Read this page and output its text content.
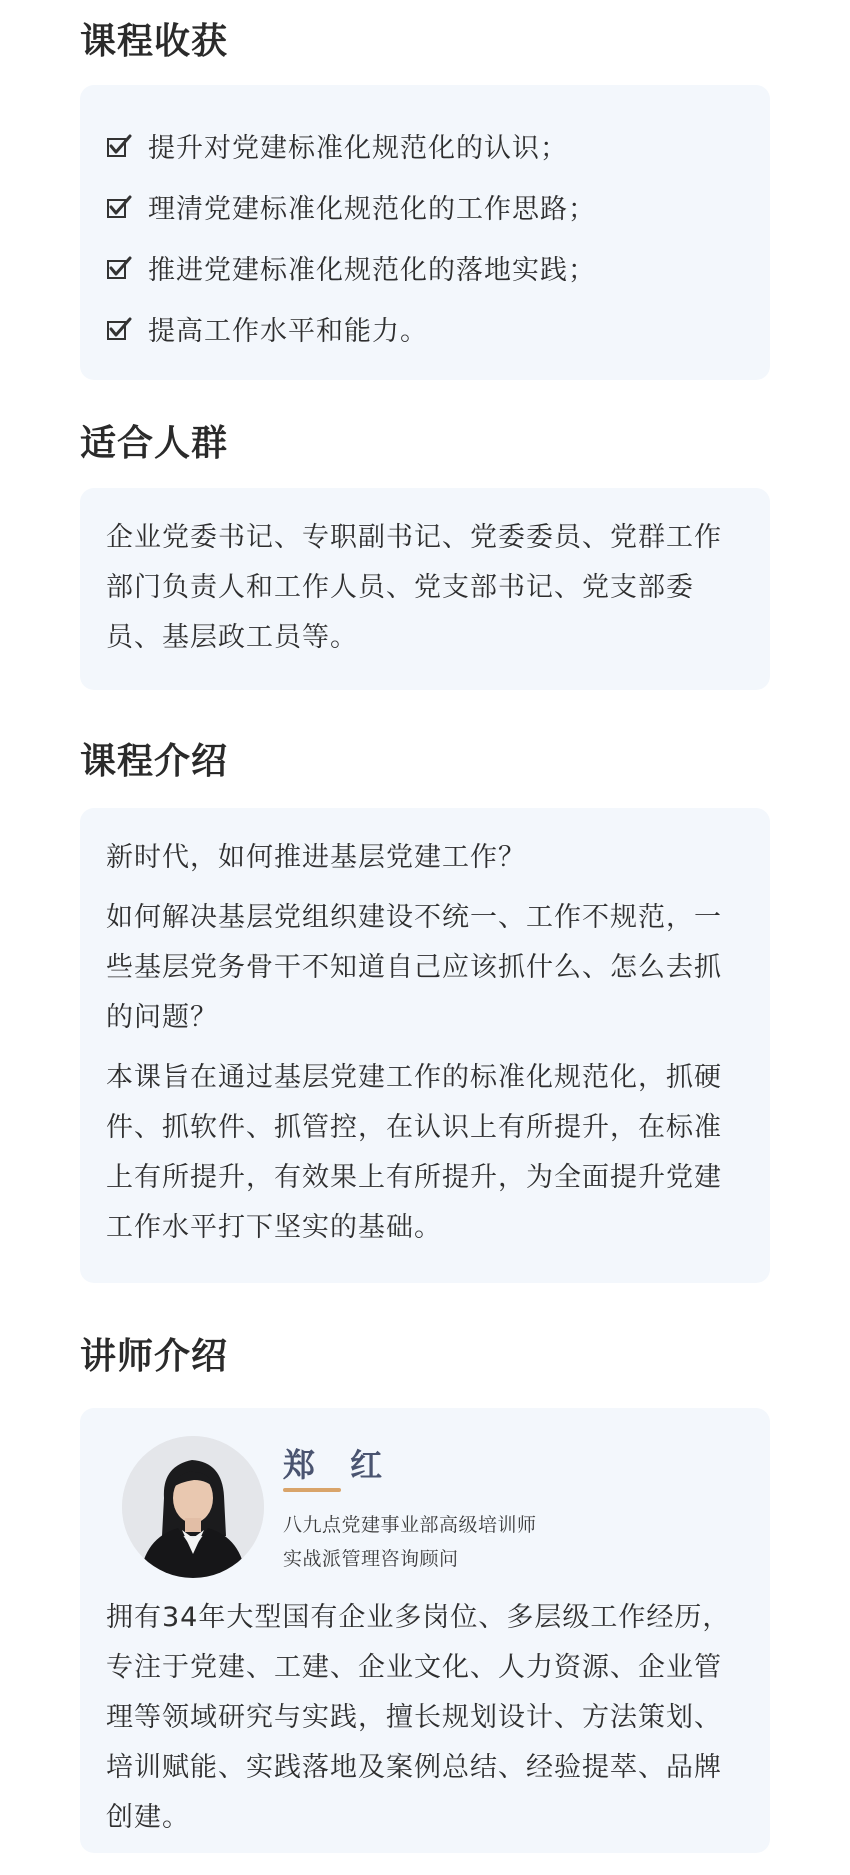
课程收获
提升对党建标准化规范化的认识；
理清党建标准化规范化的工作思路；
推进党建标准化规范化的落地实践；
提高工作水平和能力。
适合人群

企业党委书记、专职副书记、党委委员、党群工作部门负责人和工作人员、党支部书记、党支部委员、基层政工员等。

课程介绍

新时代，如何推进基层党建工作？

如何解决基层党组织建设不统一、工作不规范，一些基层党务骨干不知道自己应该抓什么、怎么去抓的问题？

本课旨在通过基层党建工作的标准化规范化，抓硬件、抓软件、抓管控，在认识上有所提升，在标准上有所提升，有效果上有所提升，为全面提升党建工作水平打下坚实的基础。

讲师介绍
郑 红
八九点党建事业部高级培训师
实战派管理咨询顾问

拥有34年大型国有企业多岗位、多层级工作经历，专注于党建、工建、企业文化、人力资源、企业管理等领域研究与实践，擅长规划设计、方法策划、培训赋能、实践落地及案例总结、经验提萃、品牌创建。
